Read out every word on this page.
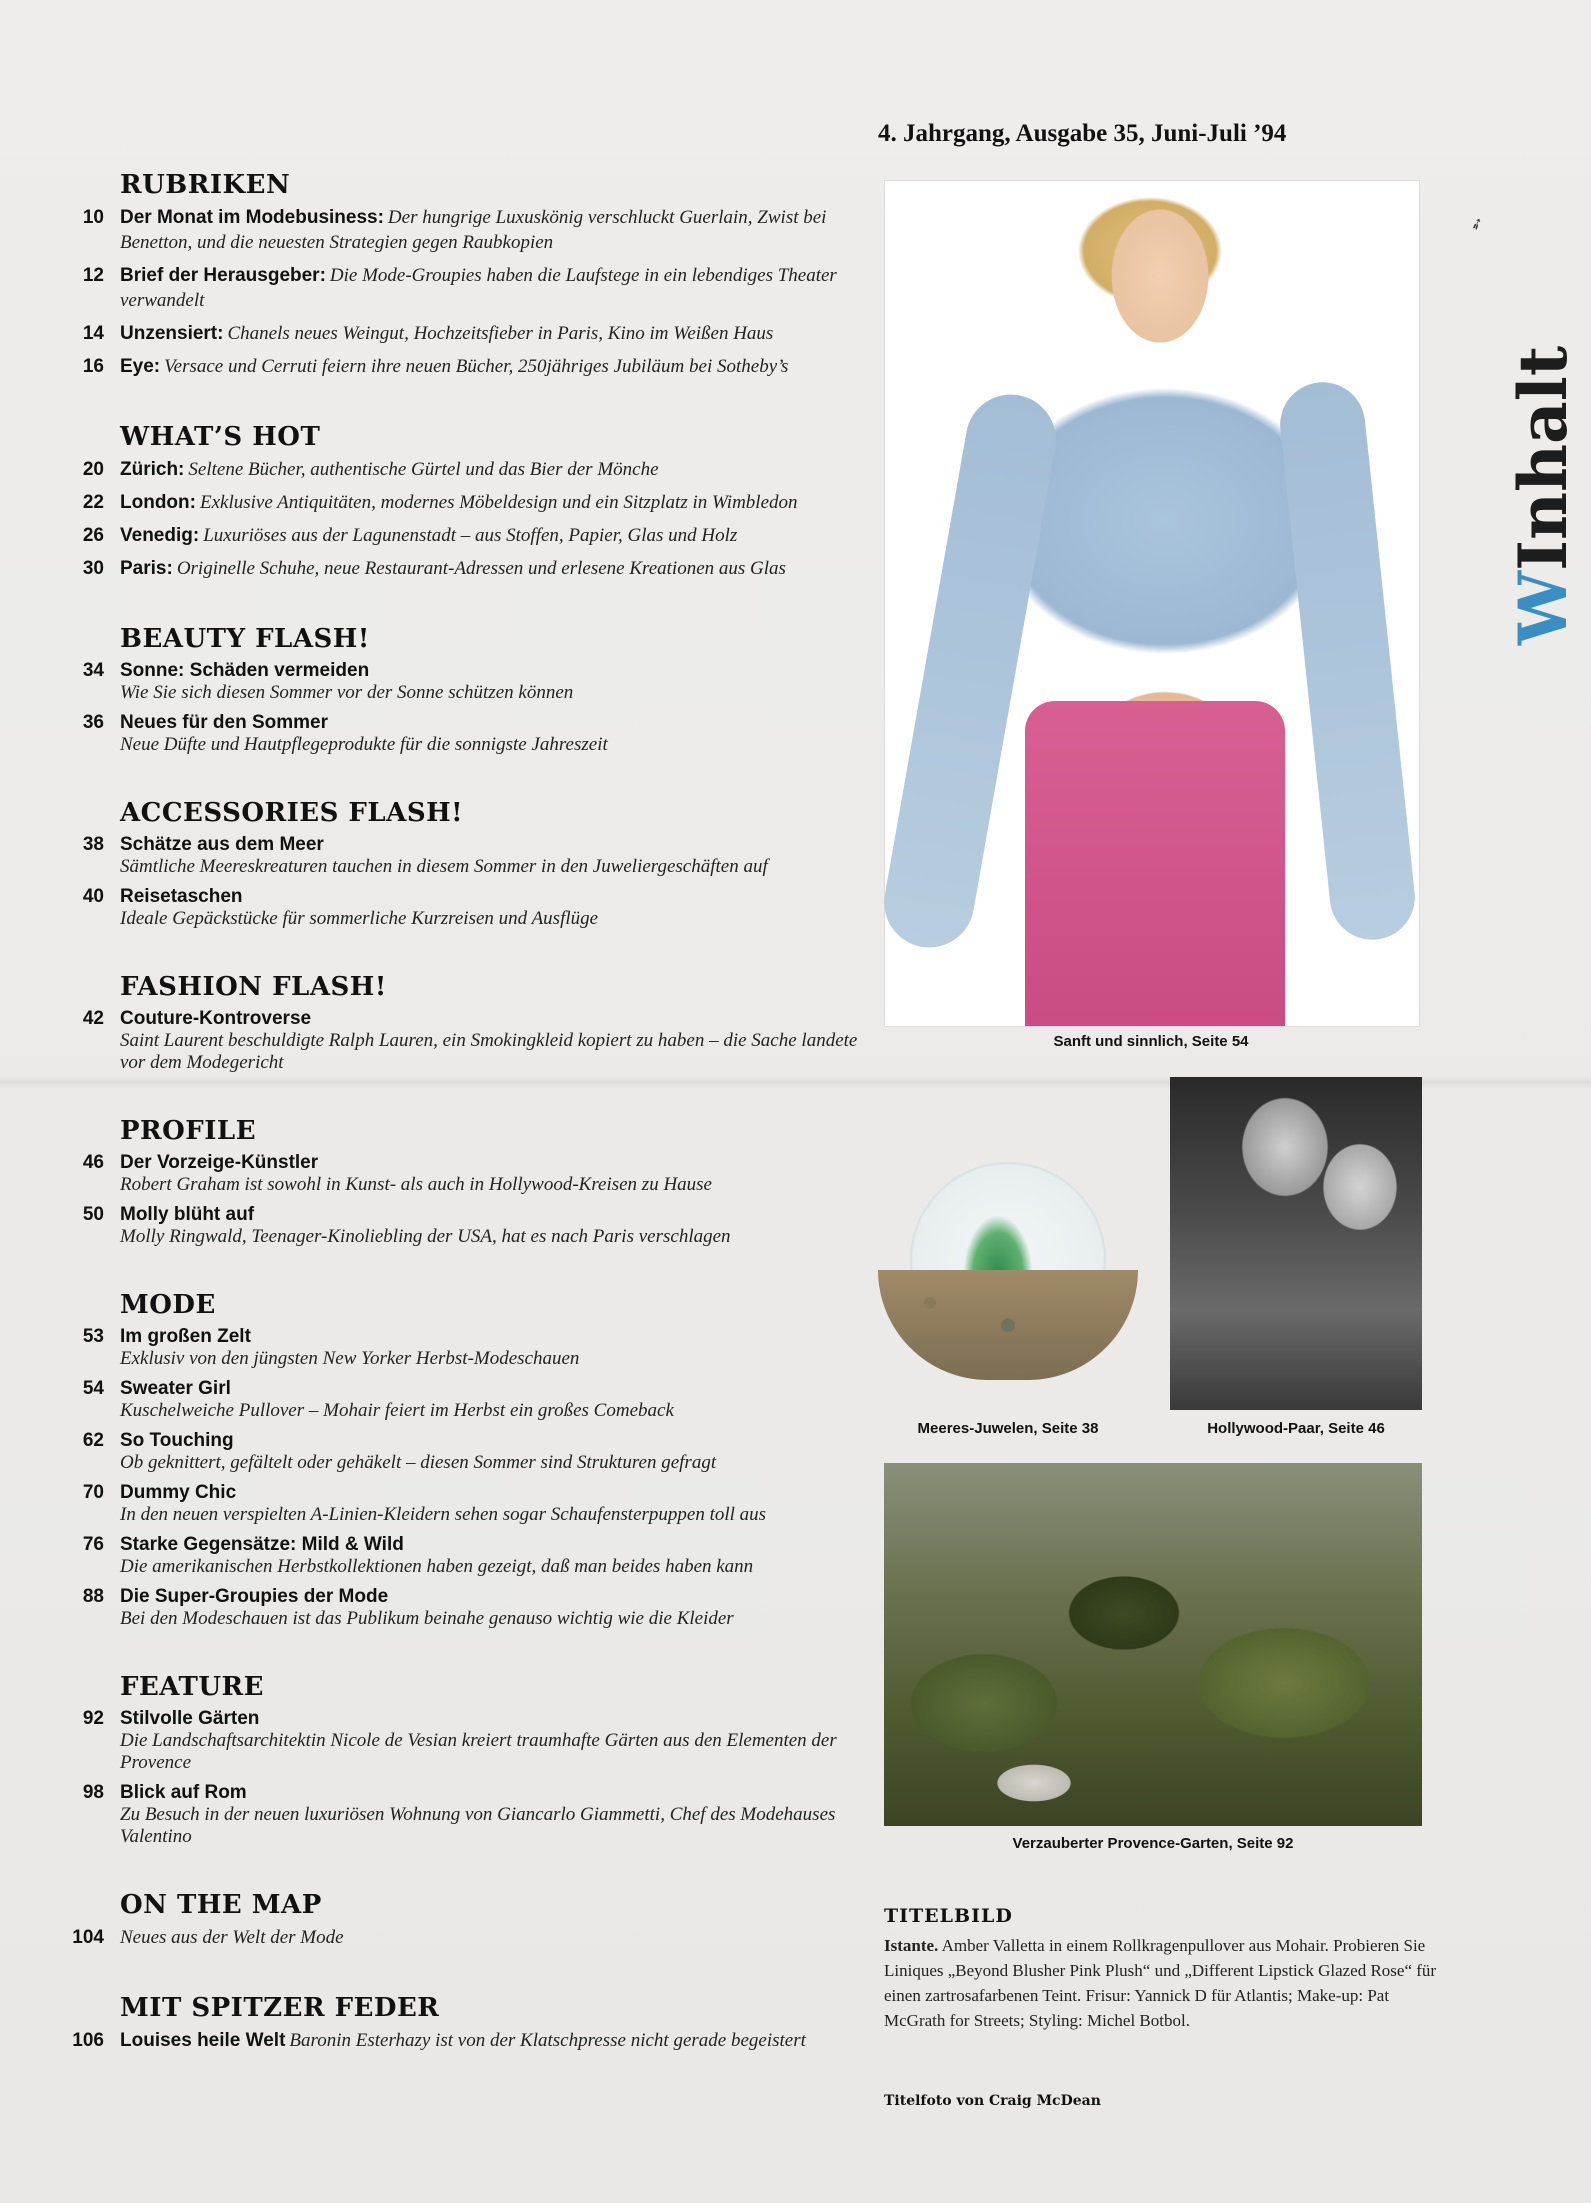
4. Jahrgang, Ausgabe 35, Juni-Juli ’94
RUBRIKEN
10 Der Monat im Modebusiness: Der hungrige Luxuskönig verschluckt Guerlain, Zwist bei Benetton, und die neuesten Strategien gegen Raubkopien
12 Brief der Herausgeber: Die Mode-Groupies haben die Laufstege in ein lebendiges Theater verwandelt
14 Unzensiert: Chanels neues Weingut, Hochzeitsfieber in Paris, Kino im Weißen Haus
16 Eye: Versace und Cerruti feiern ihre neuen Bücher, 250jähriges Jubiläum bei Sotheby’s
WHAT’S HOT
20 Zürich: Seltene Bücher, authentische Gürtel und das Bier der Mönche
22 London: Exklusive Antiquitäten, modernes Möbeldesign und ein Sitzplatz in Wimbledon
26 Venedig: Luxuriöses aus der Lagunenstadt – aus Stoffen, Papier, Glas und Holz
30 Paris: Originelle Schuhe, neue Restaurant-Adressen und erlesene Kreationen aus Glas
BEAUTY FLASH!
34 Sonne: Schäden vermeiden
Wie Sie sich diesen Sommer vor der Sonne schützen können
36 Neues für den Sommer
Neue Düfte und Hautpflegeprodukte für die sonnigste Jahreszeit
ACCESSORIES FLASH!
38 Schätze aus dem Meer
Sämtliche Meereskreaturen tauchen in diesem Sommer in den Juweliergeschäften auf
40 Reisetaschen
Ideale Gepäckstücke für sommerliche Kurzreisen und Ausflüge
FASHION FLASH!
42 Couture-Kontroverse
Saint Laurent beschuldigte Ralph Lauren, ein Smokingkleid kopiert zu haben – die Sache landete vor dem Modegericht
PROFILE
46 Der Vorzeige-Künstler
Robert Graham ist sowohl in Kunst- als auch in Hollywood-Kreisen zu Hause
50 Molly blüht auf
Molly Ringwald, Teenager-Kinoliebling der USA, hat es nach Paris verschlagen
MODE
53 Im großen Zelt
Exklusiv von den jüngsten New Yorker Herbst-Modeschauen
54 Sweater Girl
Kuschelweiche Pullover – Mohair feiert im Herbst ein großes Comeback
62 So Touching
Ob geknittert, gefältelt oder gehäkelt – diesen Sommer sind Strukturen gefragt
70 Dummy Chic
In den neuen verspielten A-Linien-Kleidern sehen sogar Schaufensterpuppen toll aus
76 Starke Gegensätze: Mild & Wild
Die amerikanischen Herbstkollektionen haben gezeigt, daß man beides haben kann
88 Die Super-Groupies der Mode
Bei den Modeschauen ist das Publikum beinahe genauso wichtig wie die Kleider
FEATURE
92 Stilvolle Gärten
Die Landschaftsarchitektin Nicole de Vesian kreiert traumhafte Gärten aus den Elementen der Provence
98 Blick auf Rom
Zu Besuch in der neuen luxuriösen Wohnung von Giancarlo Giammetti, Chef des Modehauses Valentino
ON THE MAP
104 Neues aus der Welt der Mode
MIT SPITZER FEDER
106 Louises heile Welt Baronin Esterhazy ist von der Klatschpresse nicht gerade begeistert
Sanft und sinnlich, Seite 54
Meeres-Juwelen, Seite 38	Hollywood-Paar, Seite 46
Verzauberter Provence-Garten, Seite 92
➶
WInhalt
TITELBILD
Istante. Amber Valletta in einem Rollkragenpullover aus Mohair. Probieren Sie Liniques „Beyond Blusher Pink Plush“ und „Different Lipstick Glazed Rose“ für einen zartrosafarbenen Teint. Frisur: Yannick D für Atlantis; Make-up: Pat McGrath for Streets; Styling: Michel Botbol.
Titelfoto von Craig McDean
